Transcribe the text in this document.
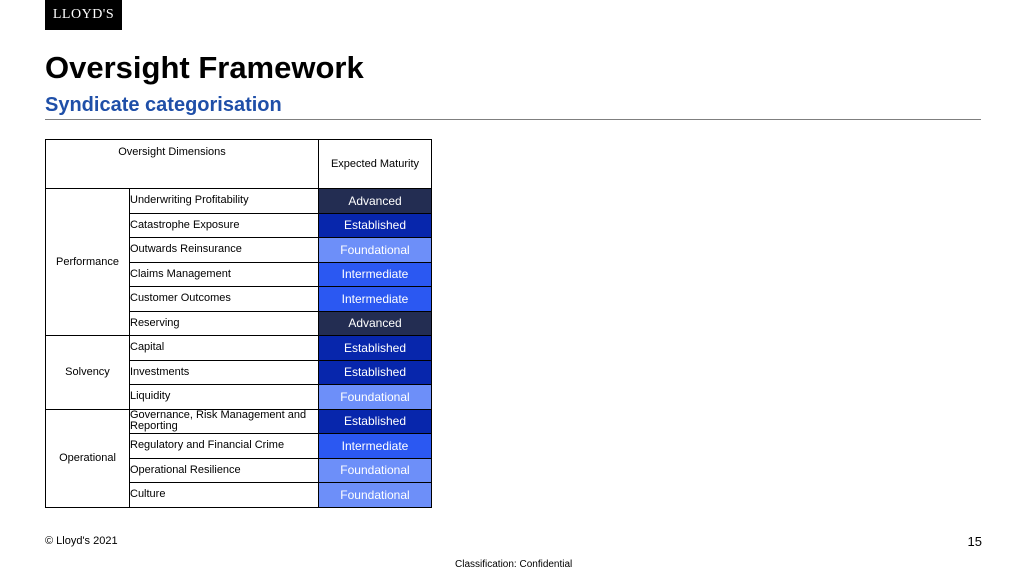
LLOYD'S
Oversight Framework
Syndicate categorisation
Oversight Dimensions		Expected Maturity
Performance	Underwriting Profitability	Advanced
	Catastrophe Exposure	Established
	Outwards Reinsurance	Foundational
	Claims Management	Intermediate
	Customer Outcomes	Intermediate
	Reserving	Advanced
Solvency	Capital	Established
	Investments	Established
	Liquidity	Foundational
Operational	Governance, Risk Management and Reporting	Established
	Regulatory and Financial Crime	Intermediate
	Operational Resilience	Foundational
	Culture	Foundational
© Lloyd's 2021	15
Classification: Confidential
